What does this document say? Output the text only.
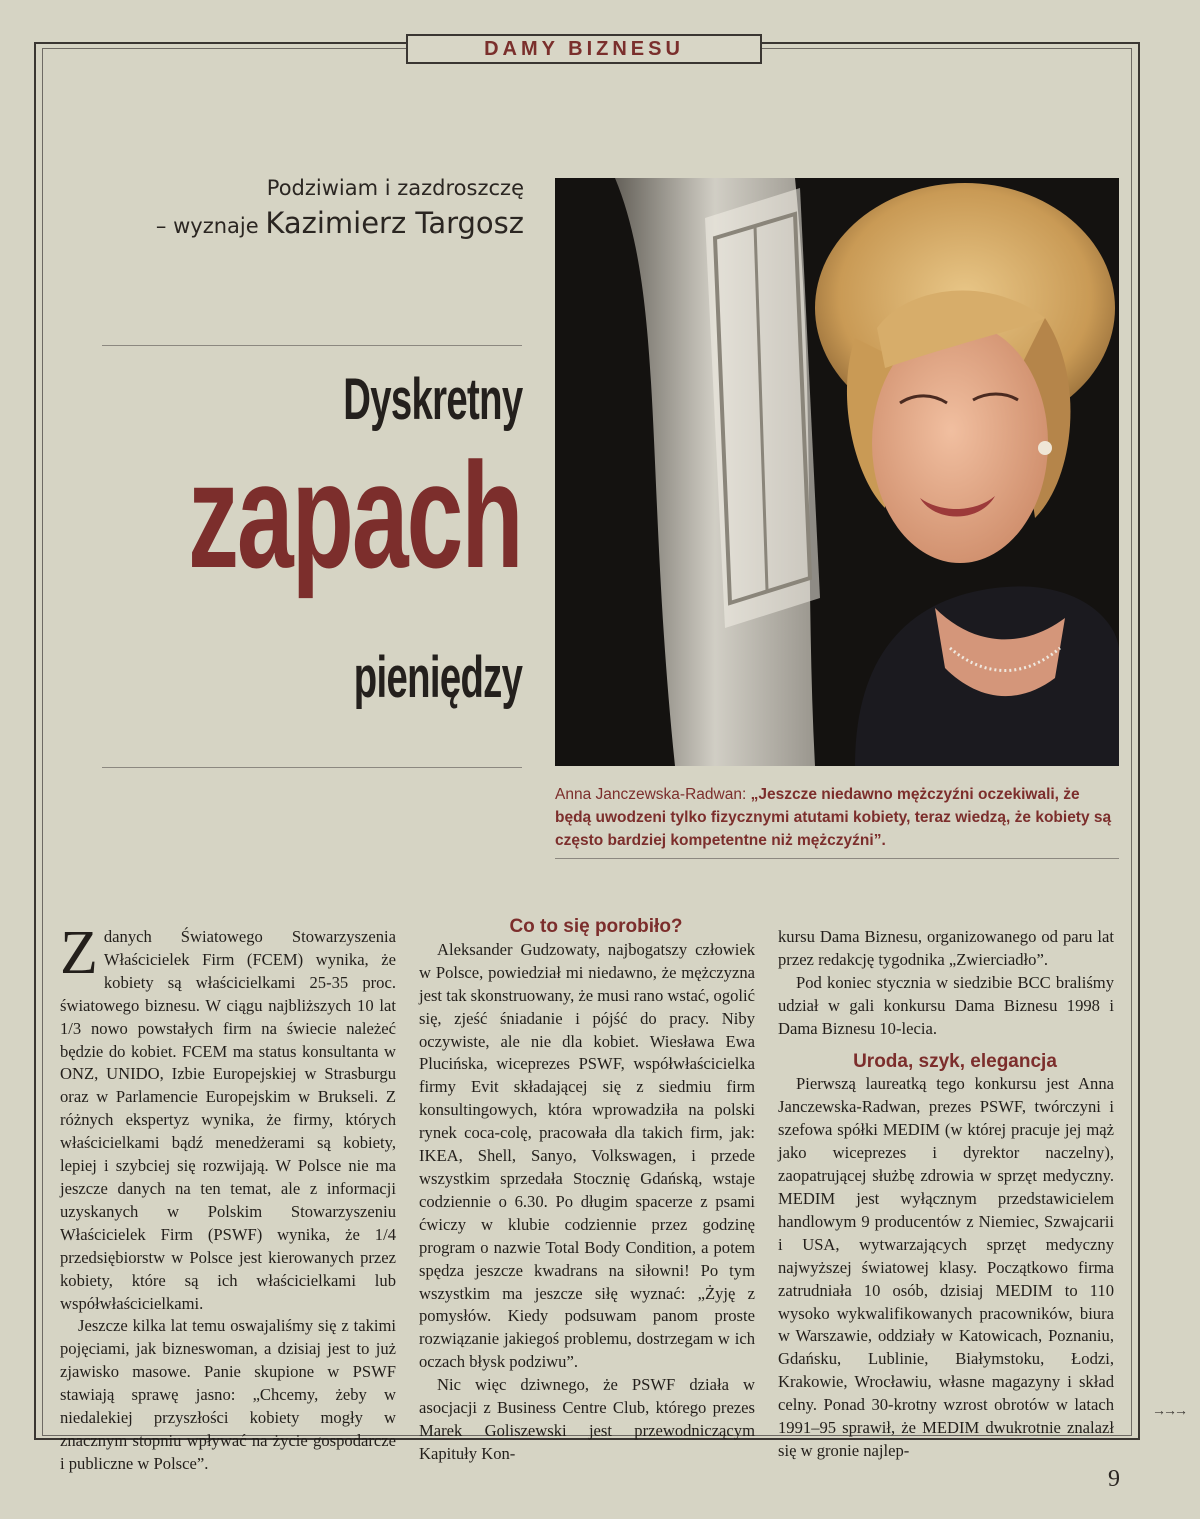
DAMY BIZNESU
Podziwiam i zazdroszczę
– wyznaje Kazimierz Targosz
Dyskretny
zapach
pieniędzy
Anna Janczewska-Radwan: „Jeszcze niedawno mężczyźni oczekiwali, że będą uwodzeni tylko fizycznymi atutami kobiety, teraz wiedzą, że kobiety są często bardziej kompetentne niż mężczyźni”.

Zdanych Światowego Stowarzyszenia Właścicielek Firm (FCEM) wynika, że kobiety są właścicielkami 25-35 proc. światowego biznesu. W ciągu najbliższych 10 lat 1/3 nowo powstałych firm na świecie należeć będzie do kobiet. FCEM ma status konsultanta w ONZ, UNIDO, Izbie Europejskiej w Strasburgu oraz w Parlamencie Europejskim w Brukseli. Z różnych ekspertyz wynika, że firmy, których właścicielkami bądź menedżerami są kobiety, lepiej i szybciej się rozwijają. W Polsce nie ma jeszcze danych na ten temat, ale z informacji uzyskanych w Polskim Stowarzyszeniu Właścicielek Firm (PSWF) wynika, że 1/4 przedsiębiorstw w Polsce jest kierowanych przez kobiety, które są ich właścicielkami lub współwłaścicielkami.

Jeszcze kilka lat temu oswajaliśmy się z takimi pojęciami, jak bizneswoman, a dzisiaj jest to już zjawisko masowe. Panie skupione w PSWF stawiają sprawę jasno: „Chcemy, żeby w niedalekiej przyszłości kobiety mogły w znacznym stopniu wpływać na życie gospodarcze i publiczne w Polsce”.

Co to się porobiło?

Aleksander Gudzowaty, najbogatszy człowiek w Polsce, powiedział mi niedawno, że mężczyzna jest tak skonstruowany, że musi rano wstać, ogolić się, zjeść śniadanie i pójść do pracy. Niby oczywiste, ale nie dla kobiet. Wiesława Ewa Plucińska, wiceprezes PSWF, współwłaścicielka firmy Evit składającej się z siedmiu firm konsultingowych, która wprowadziła na polski rynek coca-colę, pracowała dla takich firm, jak: IKEA, Shell, Sanyo, Volkswagen, i przede wszystkim sprzedała Stocznię Gdańską, wstaje codziennie o 6.30. Po długim spacerze z psami ćwiczy w klubie codziennie przez godzinę program o nazwie Total Body Condition, a potem spędza jeszcze kwadrans na siłowni! Po tym wszystkim ma jeszcze siłę wyznać: „Żyję z pomysłów. Kiedy podsuwam panom proste rozwiązanie jakiegoś problemu, dostrzegam w ich oczach błysk podziwu”.

Nic więc dziwnego, że PSWF działa w asocjacji z Business Centre Club, którego prezes Marek Goliszewski jest przewodniczącym Kapituły Kon-

kursu Dama Biznesu, organizowanego od paru lat przez redakcję tygodnika „Zwierciadło”.

Pod koniec stycznia w siedzibie BCC braliśmy udział w gali konkursu Dama Biznesu 1998 i Dama Biznesu 10-lecia.

Uroda, szyk, elegancja

Pierwszą laureatką tego konkursu jest Anna Janczewska-Radwan, prezes PSWF, twórczyni i szefowa spółki MEDIM (w której pracuje jej mąż jako wiceprezes i dyrektor naczelny), zaopatrującej służbę zdrowia w sprzęt medyczny. MEDIM jest wyłącznym przedstawicielem handlowym 9 producentów z Niemiec, Szwajcarii i USA, wytwarzających sprzęt medyczny najwyższej światowej klasy. Początkowo firma zatrudniała 10 osób, dzisiaj MEDIM to 110 wysoko wykwalifikowanych pracowników, biura w Warszawie, oddziały w Katowicach, Poznaniu, Gdańsku, Lublinie, Białymstoku, Łodzi, Krakowie, Wrocławiu, własne magazyny i skład celny. Ponad 30-krotny wzrost obrotów w latach 1991–95 sprawił, że MEDIM dwukrotnie znalazł się w gronie najlep-

→→→
9
